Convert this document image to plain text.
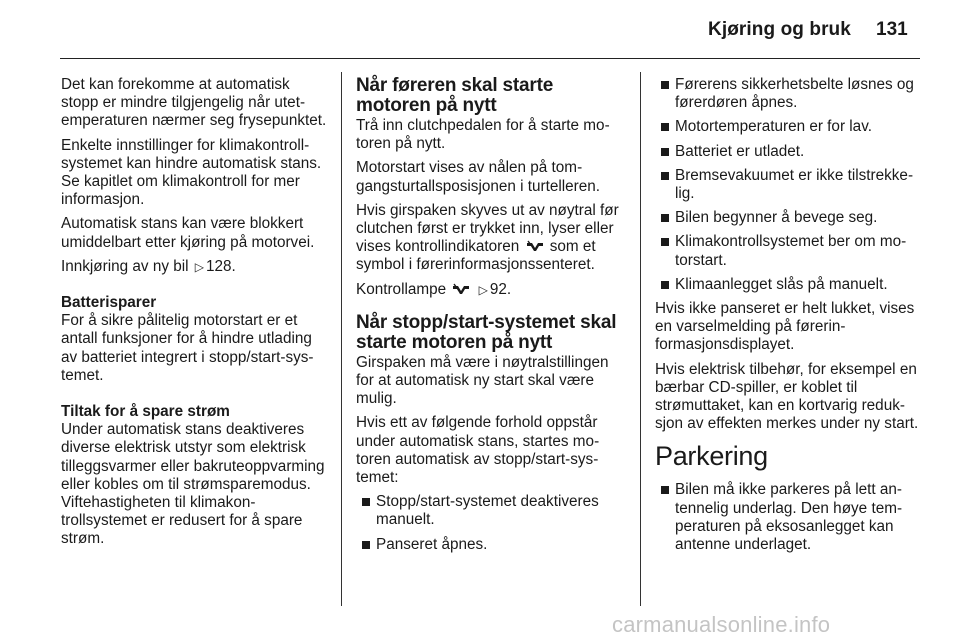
Kjøring og bruk 131

Det kan forekomme at automatisk stopp er mindre tilgjengelig når utetemperaturen nærmer seg frysepunktet.

Enkelte innstillinger for klimakontrollsystemet kan hindre automatisk stans. Se kapitlet om klimakontroll for mer informasjon.

Automatisk stans kan være blokkert umiddelbart etter kjøring på motorvei.

Innkjøring av ny bil ▷ 128.

Batterisparer
For å sikre pålitelig motorstart er et antall funksjoner for å hindre utlading av batteriet integrert i stopp/start-systemet.

Tiltak for å spare strøm
Under automatisk stans deaktiveres diverse elektrisk utstyr som elektrisk tilleggsvarmer eller bakruteoppvarming eller kobles om til strømsparemodus. Viftehastigheten til klimakontrollsystemet er redusert for å spare strøm.

Når føreren skal starte motoren på nytt

Trå inn clutchpedalen for å starte motoren på nytt.

Motorstart vises av nålen på tomgangsturtallsposisjonen i turtelleren.

Hvis girspaken skyves ut av nøytral før clutchen først er trykket inn, lyser eller vises kontrollindikatoren som et symbol i førerinformasjonssenteret.

Kontrollampe	▷ 92.

Når stopp/start-systemet skal starte motoren på nytt

Girspaken må være i nøytralstillingen for at automatisk ny start skal være mulig.

Hvis ett av følgende forhold oppstår under automatisk stans, startes motoren automatisk av stopp/start-systemet:

Stopp/start-systemet deaktiveres manuelt.
Panseret åpnes.
Førerens sikkerhetsbelte løsnes og førerdøren åpnes.
Motortemperaturen er for lav.
Batteriet er utladet.
Bremsevakuumet er ikke tilstrekkelig.
Bilen begynner å bevege seg.
Klimakontrollsystemet ber om motorstart.
Klimaanlegget slås på manuelt.

Hvis ikke panseret er helt lukket, vises en varselmelding på førerinformasjonsdisplayet.

Hvis elektrisk tilbehør, for eksempel en bærbar CD-spiller, er koblet til strømuttaket, kan en kortvarig reduksjon av effekten merkes under ny start.

Parkering
Bilen må ikke parkeres på lett antennelig underlag. Den høye temperaturen på eksosanlegget kan antenne underlaget.
carmanualsonline.info
